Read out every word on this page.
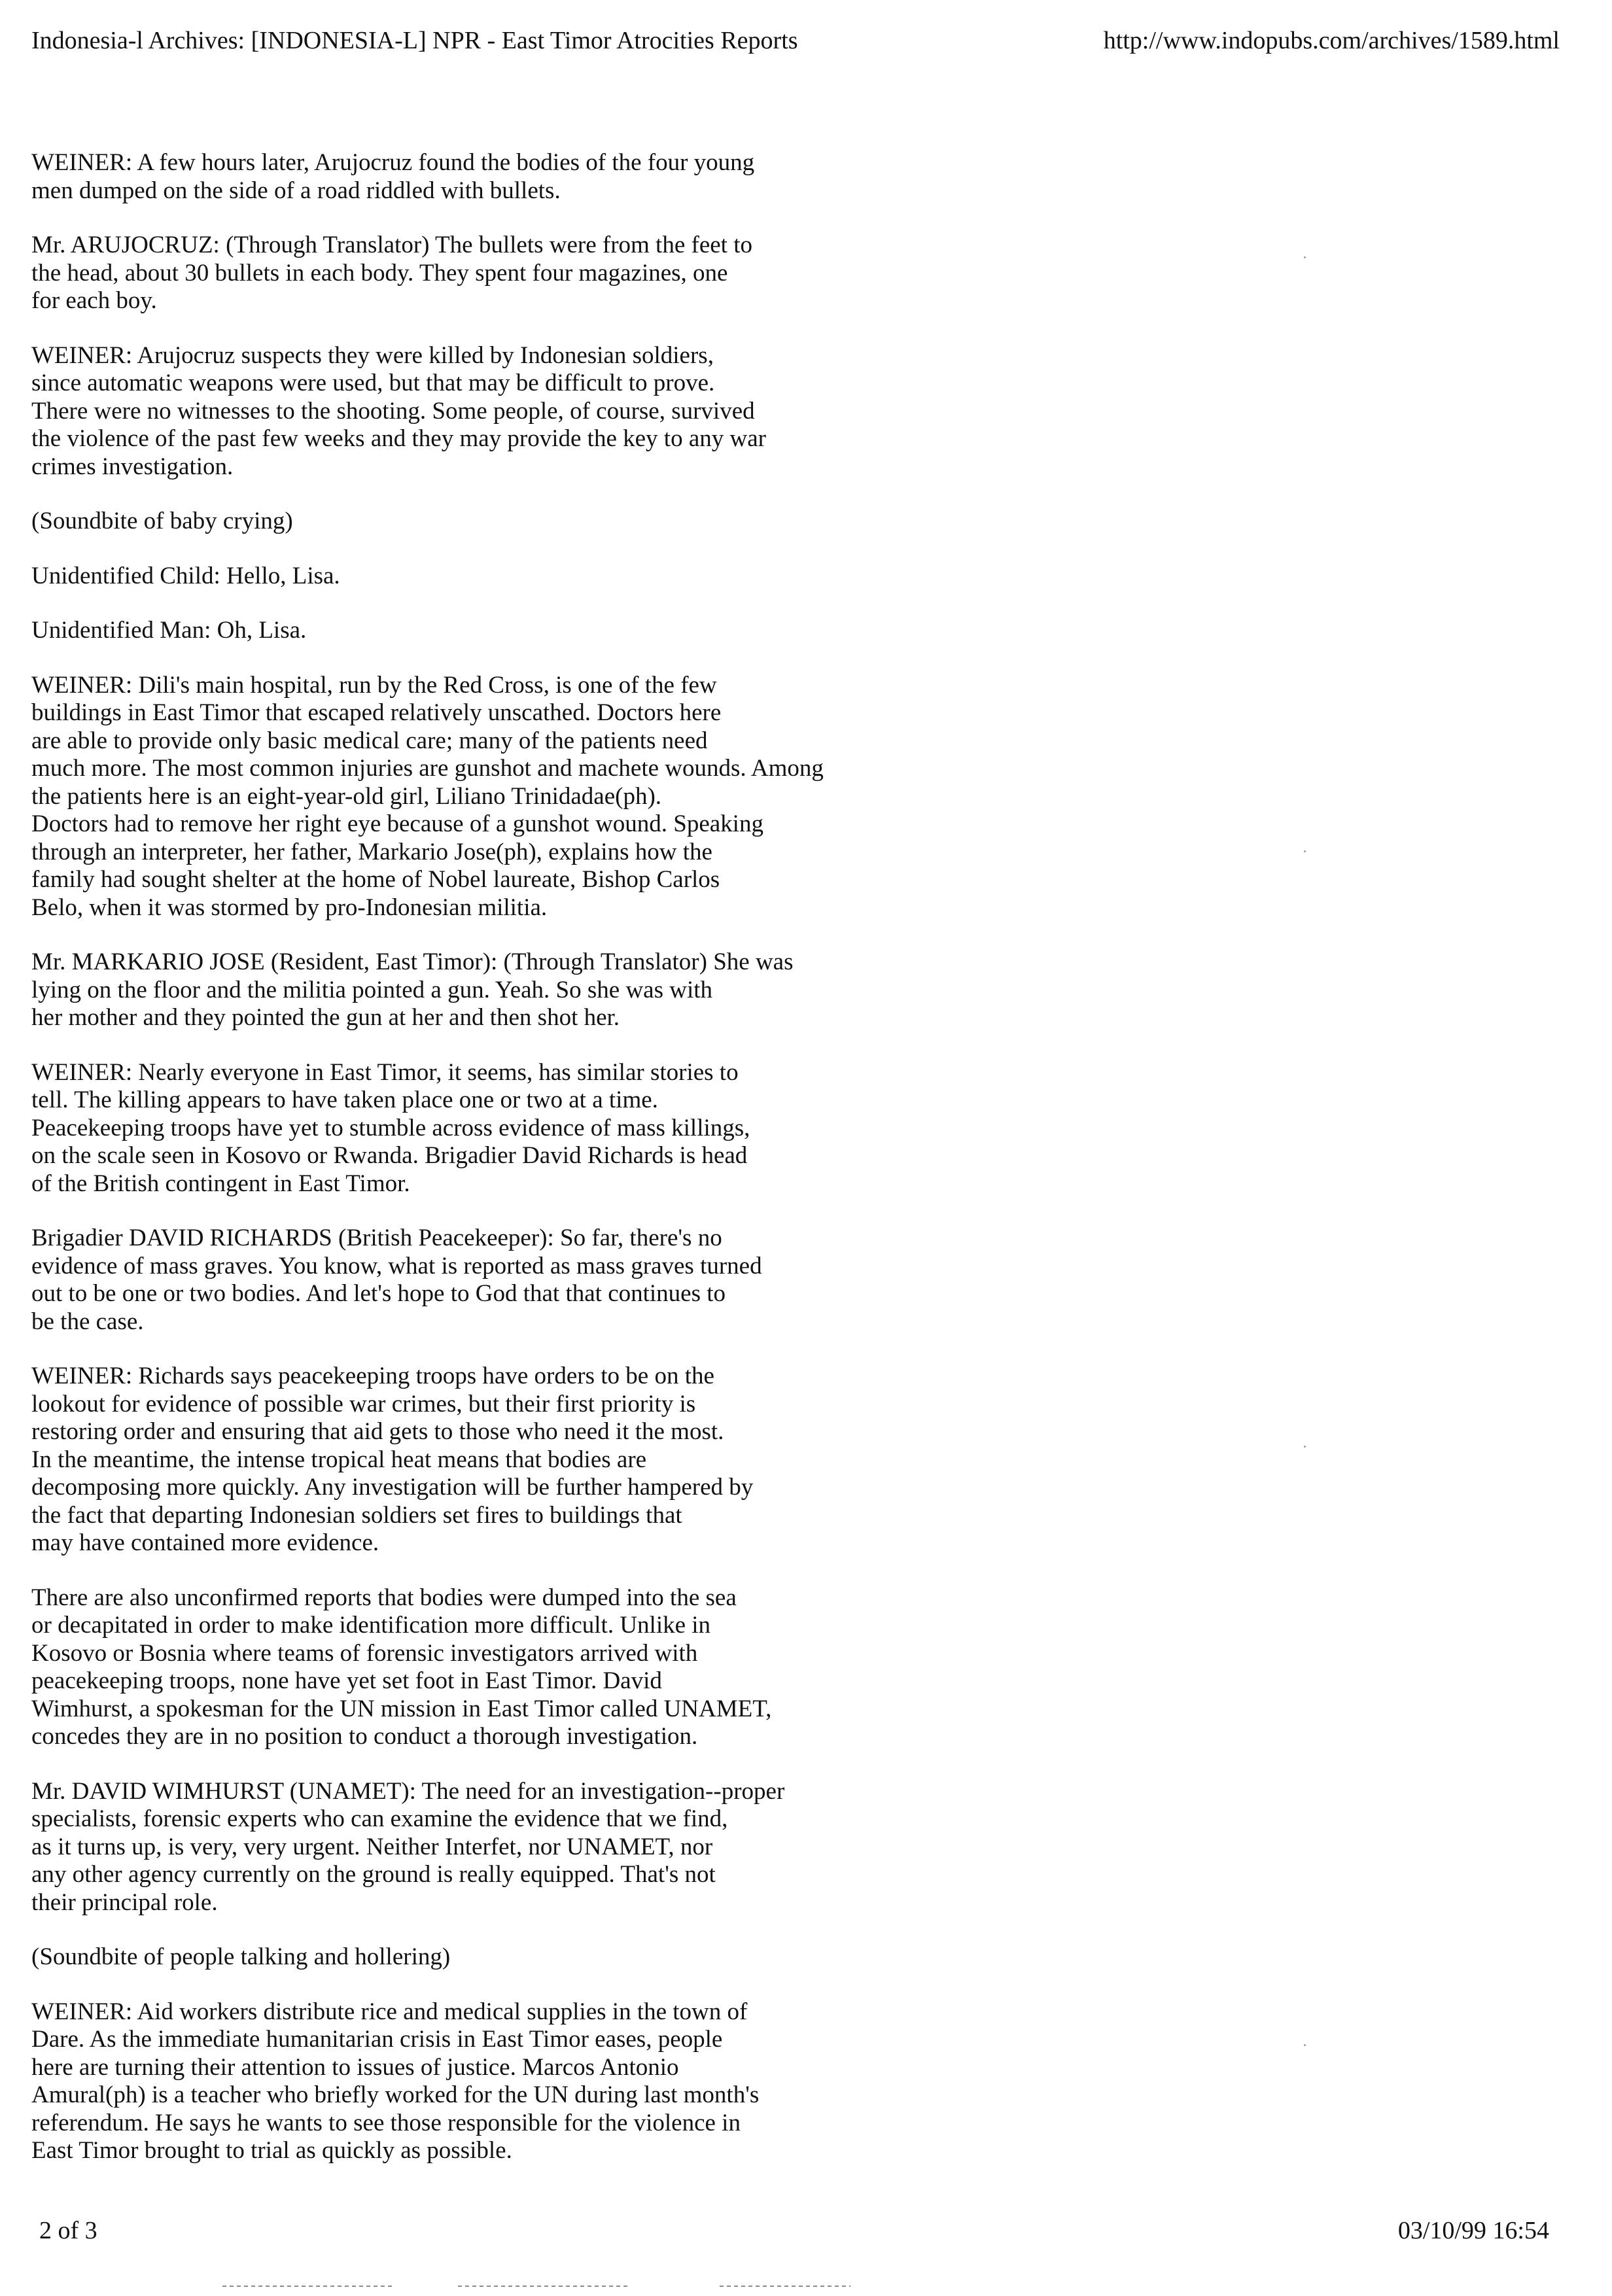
Indonesia-l Archives: [INDONESIA-L] NPR - East Timor Atrocities Reports	http://www.indopubs.com/archives/1589.html

WEINER: A few hours later, Arujocruz found the bodies of the four young
men dumped on the side of a road riddled with bullets.

Mr. ARUJOCRUZ: (Through Translator) The bullets were from the feet to
the head, about 30 bullets in each body. They spent four magazines, one
for each boy.

WEINER: Arujocruz suspects they were killed by Indonesian soldiers,
since automatic weapons were used, but that may be difficult to prove.
There were no witnesses to the shooting. Some people, of course, survived
the violence of the past few weeks and they may provide the key to any war
crimes investigation.

(Soundbite of baby crying)

Unidentified Child: Hello, Lisa.

Unidentified Man: Oh, Lisa.

WEINER: Dili's main hospital, run by the Red Cross, is one of the few
buildings in East Timor that escaped relatively unscathed. Doctors here
are able to provide only basic medical care; many of the patients need
much more. The most common injuries are gunshot and machete wounds. Among
the patients here is an eight-year-old girl, Liliano Trinidadae(ph).
Doctors had to remove her right eye because of a gunshot wound. Speaking
through an interpreter, her father, Markario Jose(ph), explains how the
family had sought shelter at the home of Nobel laureate, Bishop Carlos
Belo, when it was stormed by pro-Indonesian militia.

Mr. MARKARIO JOSE (Resident, East Timor): (Through Translator) She was
lying on the floor and the militia pointed a gun. Yeah. So she was with
her mother and they pointed the gun at her and then shot her.

WEINER: Nearly everyone in East Timor, it seems, has similar stories to
tell. The killing appears to have taken place one or two at a time.
Peacekeeping troops have yet to stumble across evidence of mass killings,
on the scale seen in Kosovo or Rwanda. Brigadier David Richards is head
of the British contingent in East Timor.

Brigadier DAVID RICHARDS (British Peacekeeper): So far, there's no
evidence of mass graves. You know, what is reported as mass graves turned
out to be one or two bodies. And let's hope to God that that continues to
be the case.

WEINER: Richards says peacekeeping troops have orders to be on the
lookout for evidence of possible war crimes, but their first priority is
restoring order and ensuring that aid gets to those who need it the most.
In the meantime, the intense tropical heat means that bodies are
decomposing more quickly. Any investigation will be further hampered by
the fact that departing Indonesian soldiers set fires to buildings that
may have contained more evidence.

There are also unconfirmed reports that bodies were dumped into the sea
or decapitated in order to make identification more difficult. Unlike in
Kosovo or Bosnia where teams of forensic investigators arrived with
peacekeeping troops, none have yet set foot in East Timor. David
Wimhurst, a spokesman for the UN mission in East Timor called UNAMET,
concedes they are in no position to conduct a thorough investigation.

Mr. DAVID WIMHURST (UNAMET): The need for an investigation--proper
specialists, forensic experts who can examine the evidence that we find,
as it turns up, is very, very urgent. Neither Interfet, nor UNAMET, nor
any other agency currently on the ground is really equipped. That's not
their principal role.

(Soundbite of people talking and hollering)

WEINER: Aid workers distribute rice and medical supplies in the town of
Dare. As the immediate humanitarian crisis in East Timor eases, people
here are turning their attention to issues of justice. Marcos Antonio
Amural(ph) is a teacher who briefly worked for the UN during last month's
referendum. He says he wants to see those responsible for the violence in
East Timor brought to trial as quickly as possible.

2 of 3	03/10/99 16:54
